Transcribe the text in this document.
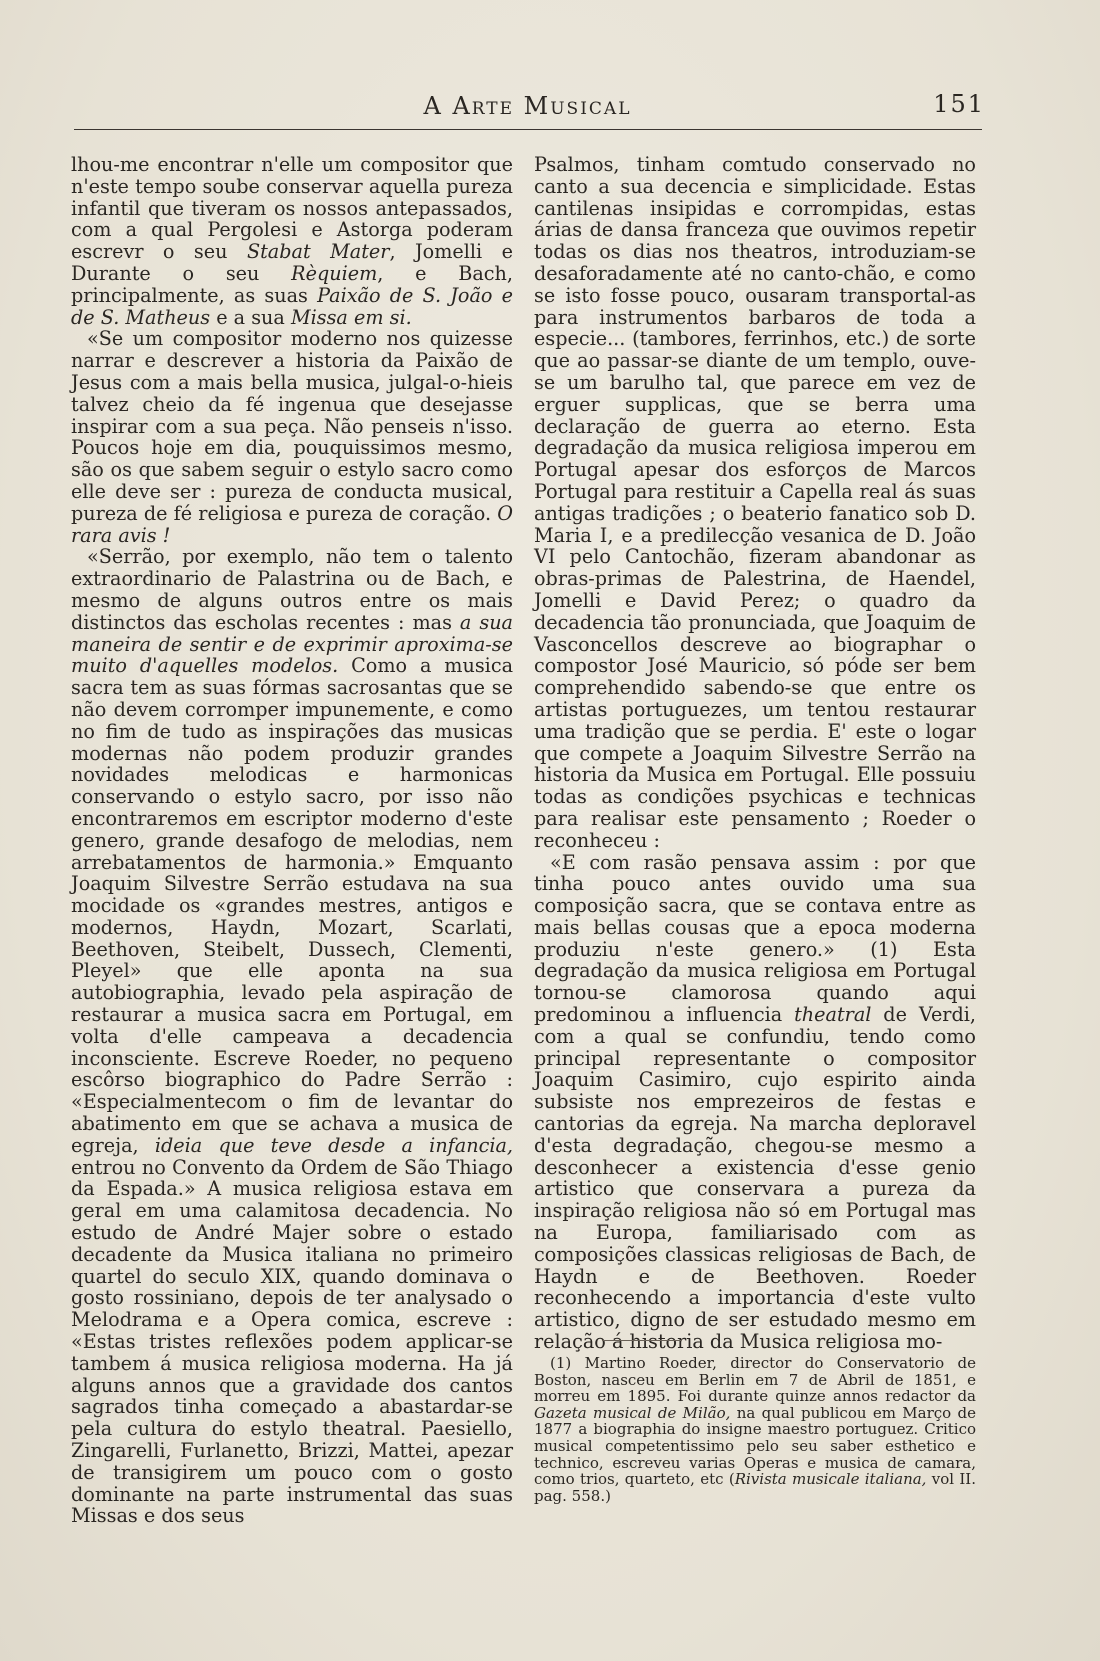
A Arte Musical	151

lhou-me encontrar n'elle um compositor que n'este tempo soube conservar aquella pureza infantil que tiveram os nossos antepassados, com a qual Pergolesi e Astorga poderam escrevr o seu Stabat Mater, Jomelli e Durante o seu Rèquiem, e Bach, principalmente, as suas Paixão de S. João e de S. Matheus e a sua Missa em si.

«Se um compositor moderno nos quizesse narrar e descrever a historia da Paixão de Jesus com a mais bella musica, julgal-o-hieis talvez cheio da fé ingenua que desejasse inspirar com a sua peça. Não penseis n'isso. Poucos hoje em dia, pouquissimos mesmo, são os que sabem seguir o estylo sacro como elle deve ser : pureza de conducta musical, pureza de fé religiosa e pureza de coração. O rara avis !

«Serrão, por exemplo, não tem o talento extraordinario de Palastrina ou de Bach, e mesmo de alguns outros entre os mais distinctos das escholas recentes : mas a sua maneira de sentir e de exprimir aproxima-se muito d'aquelles modelos. Como a musica sacra tem as suas fórmas sacrosantas que se não devem corromper impunemente, e como no fim de tudo as inspirações das musicas modernas não podem produzir grandes novidades melodicas e harmonicas conservando o estylo sacro, por isso não encontraremos em escriptor moderno d'este genero, grande desafogo de melodias, nem arrebatamentos de harmonia.» Emquanto Joaquim Silvestre Serrão estudava na sua mocidade os «grandes mestres, antigos e modernos, Haydn, Mozart, Scarlati, Beethoven, Steibelt, Dussech, Clementi, Pleyel» que elle aponta na sua autobiographia, levado pela aspiração de restaurar a musica sacra em Portugal, em volta d'elle campeava a decadencia inconsciente. Escreve Roeder, no pequeno escôrso biographico do Padre Serrão : «Especialmentecom o fim de levantar do abatimento em que se achava a musica de egreja, ideia que teve desde a infancia, entrou no Convento da Ordem de São Thiago da Espada.» A musica religiosa estava em geral em uma calamitosa decadencia. No estudo de André Majer sobre o estado decadente da Musica italiana no primeiro quartel do seculo XIX, quando dominava o gosto rossiniano, depois de ter analysado o Melodrama e a Opera comica, escreve : «Estas tristes reflexões podem applicar-se tambem á musica religiosa moderna. Ha já alguns annos que a gravidade dos cantos sagrados tinha começado a abastardar-se pela cultura do estylo theatral. Paesiello, Zingarelli, Furlanetto, Brizzi, Mattei, apezar de transigirem um pouco com o gosto dominante na parte instrumental das suas Missas e dos seus

Psalmos, tinham comtudo conservado no canto a sua decencia e simplicidade. Estas cantilenas insipidas e corrompidas, estas árias de dansa franceza que ouvimos repetir todas os dias nos theatros, introduziam-se desaforadamente até no canto-chão, e como se isto fosse pouco, ousaram transportal-as para instrumentos barbaros de toda a especie... (tambores, ferrinhos, etc.) de sorte que ao passar-se diante de um templo, ouve-se um barulho tal, que parece em vez de erguer supplicas, que se berra uma declaração de guerra ao eterno. Esta degradação da musica religiosa imperou em Portugal apesar dos esforços de Marcos Portugal para restituir a Capella real ás suas antigas tradições ; o beaterio fanatico sob D. Maria I, e a predilecção vesanica de D. João VI pelo Cantochão, fizeram abandonar as obras-primas de Palestrina, de Haendel, Jomelli e David Perez; o quadro da decadencia tão pronunciada, que Joaquim de Vasconcellos descreve ao biographar o compostor José Mauricio, só póde ser bem comprehendido sabendo-se que entre os artistas portuguezes, um tentou restaurar uma tradição que se perdia. E' este o logar que compete a Joaquim Silvestre Serrão na historia da Musica em Portugal. Elle possuiu todas as condições psychicas e technicas para realisar este pensamento ; Roeder o reconheceu :

«E com rasão pensava assim : por que tinha pouco antes ouvido uma sua composição sacra, que se contava entre as mais bellas cousas que a epoca moderna produziu n'este genero.» (1) Esta degradação da musica religiosa em Portugal tornou-se clamorosa quando aqui predominou a influencia theatral de Verdi, com a qual se confundiu, tendo como principal representante o compositor Joaquim Casimiro, cujo espirito ainda subsiste nos emprezeiros de festas e cantorias da egreja. Na marcha deploravel d'esta degradação, chegou-se mesmo a desconhecer a existencia d'esse genio artistico que conservara a pureza da inspiração religiosa não só em Portugal mas na Europa, familiarisado com as composições classicas religiosas de Bach, de Haydn e de Beethoven. Roeder reconhecendo a importancia d'este vulto artistico, digno de ser estudado mesmo em relação á historia da Musica religiosa mo-

(1) Martino Roeder, director do Conservatorio de Boston, nasceu em Berlin em 7 de Abril de 1851, e morreu em 1895. Foi durante quinze annos redactor da Gazeta musical de Milão, na qual publicou em Março de 1877 a biographia do insigne maestro portuguez. Critico musical competentissimo pelo seu saber esthetico e technico, escreveu varias Operas e musica de camara, como trios, quarteto, etc (Rivista musicale italiana, vol II. pag. 558.)
